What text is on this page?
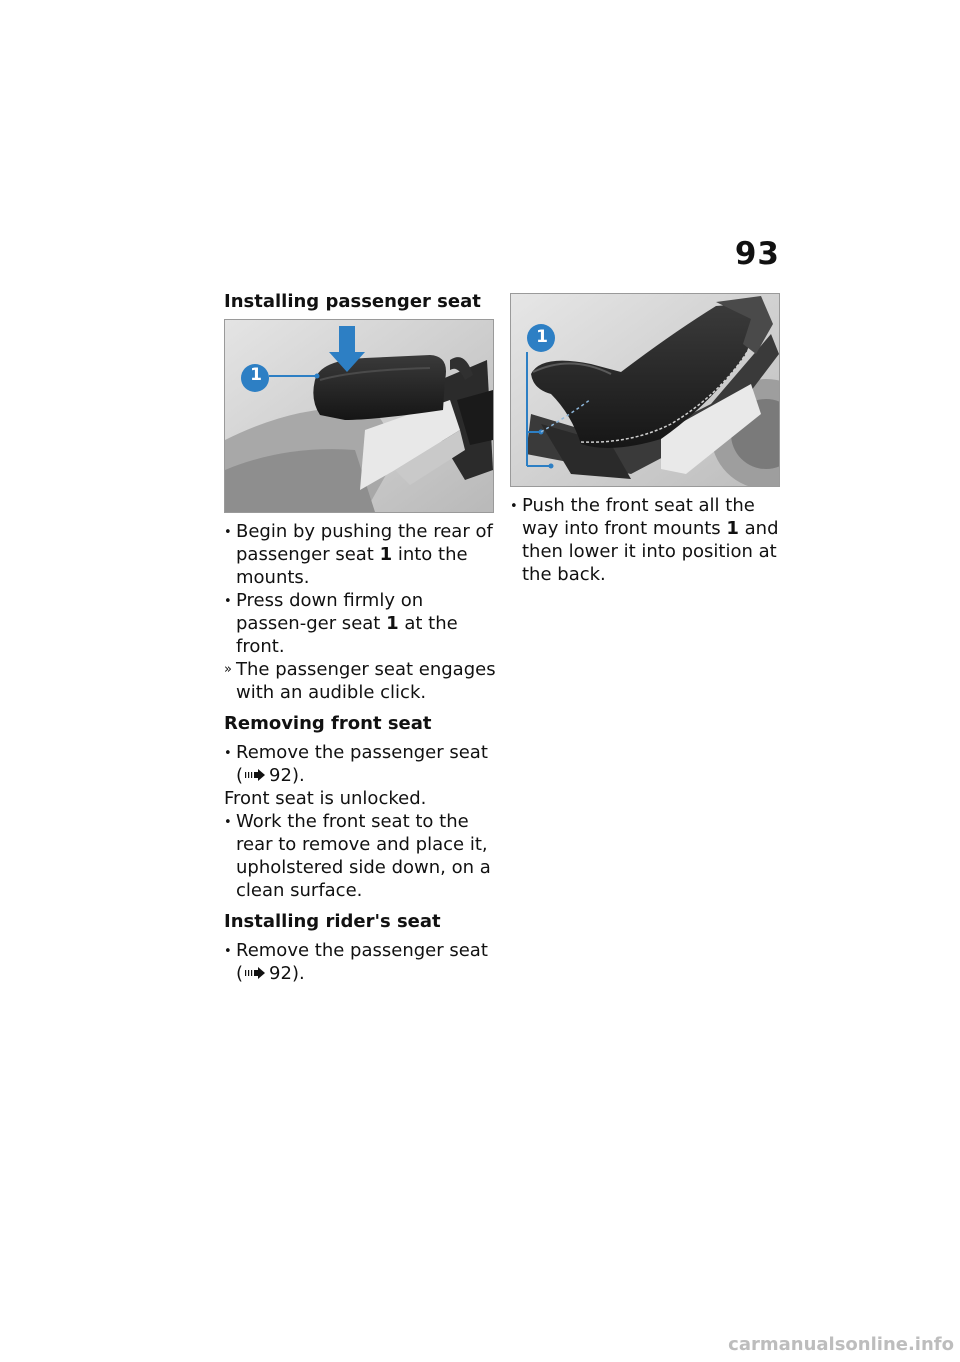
93
Installing passenger seat
• Begin by pushing the rear of passenger seat 1 into the mounts.
• Press down firmly on passen-ger seat 1 at the front.
» The passenger seat engages with an audible click.
Removing front seat
• Remove the passenger seat ( 92).
Front seat is unlocked.
• Work the front seat to the rear to remove and place it, upholstered side down, on a clean surface.
Installing rider's seat
• Remove the passenger seat ( 92).
• Push the front seat all the way into front mounts 1 and then lower it into position at the back.
carmanualsonline.info
